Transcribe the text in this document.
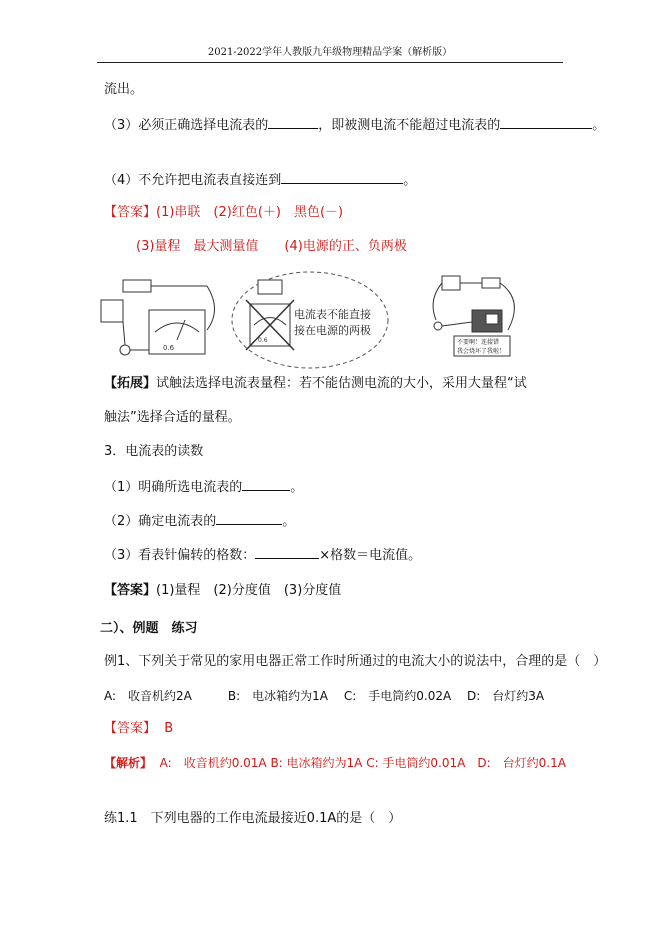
2021-2022学年人教版九年级物理精品学案（解析版）
流出。
（3）必须正确选择电流表的	，即被测电流不能超过电流表的	。
（4）不允许把电流表直接连到	。
【答案】(1)串联　(2)红色(＋)　黑色(－)
(3)量程　最大测量值　　(4)电源的正、负两极
0.6
电流表不能直接
接在电源的两极
0.6	不要啊！连接错
我会烧坏了我啦！
【拓展】试触法选择电流表量程：若不能估测电流的大小，采用大量程“试
触法”选择合适的量程。
3．电流表的读数
（1）明确所选电流表的	。
（2）确定电流表的	。
（3）看表针偏转的格数：	×格数＝电流值。
【答案】(1)量程　(2)分度值　(3)分度值
二）、例题　练习
例1、下列关于常见的家用电器正常工作时所通过的电流大小的说法中，合理的是（　）
A:　收音机约2A　　　B:　电冰箱约为1A　 C:　手电筒约0.02A　 D:　台灯约3A
【答案】 B
【解析】 A:　收音机约0.01A B: 电冰箱约为1A C: 手电筒约0.01A　D:　台灯约0.1A
练1.1　下列电器的工作电流最接近0.1A的是（　）
